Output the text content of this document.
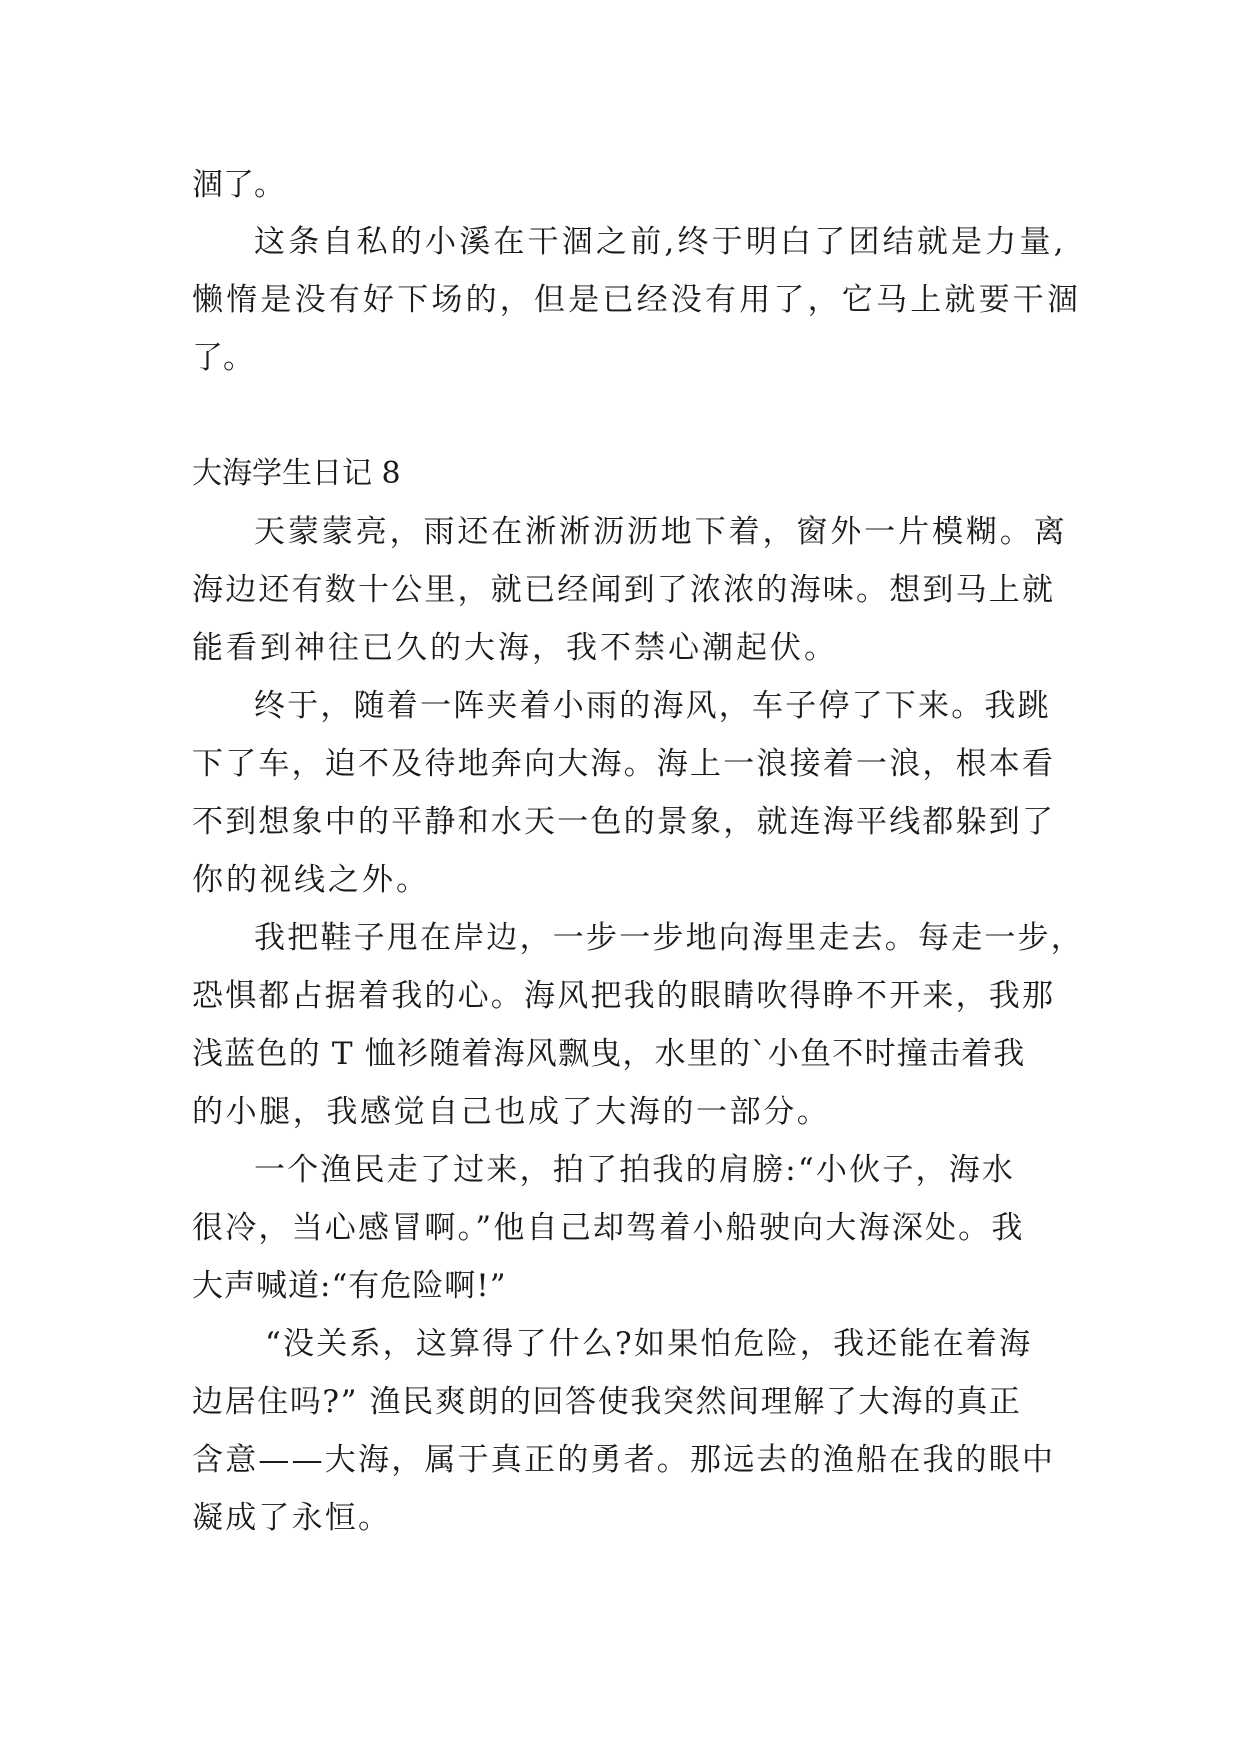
涸了。

这条自私的小溪在干涸之前,终于明白了团结就是力量,

懒惰是没有好下场的，但是已经没有用了，它马上就要干涸

了。

大海学生日记 8

天蒙蒙亮，雨还在淅淅沥沥地下着，窗外一片模糊。离

海边还有数十公里，就已经闻到了浓浓的海味。想到马上就

能看到神往已久的大海，我不禁心潮起伏。

终于，随着一阵夹着小雨的海风，车子停了下来。我跳

下了车，迫不及待地奔向大海。海上一浪接着一浪，根本看

不到想象中的平静和水天一色的景象，就连海平线都躲到了

你的视线之外。

我把鞋子甩在岸边，一步一步地向海里走去。每走一步，

恐惧都占据着我的心。海风把我的眼睛吹得睁不开来，我那

浅蓝色的 T 恤衫随着海风飘曳，水里的`小鱼不时撞击着我

的小腿，我感觉自己也成了大海的一部分。

一个渔民走了过来，拍了拍我的肩膀:“小伙子，海水

很冷，当心感冒啊。”他自己却驾着小船驶向大海深处。我

大声喊道:“有危险啊!”

“没关系，这算得了什么?如果怕危险，我还能在着海

边居住吗?” 渔民爽朗的回答使我突然间理解了大海的真正

含意——大海，属于真正的勇者。那远去的渔船在我的眼中

凝成了永恒。
